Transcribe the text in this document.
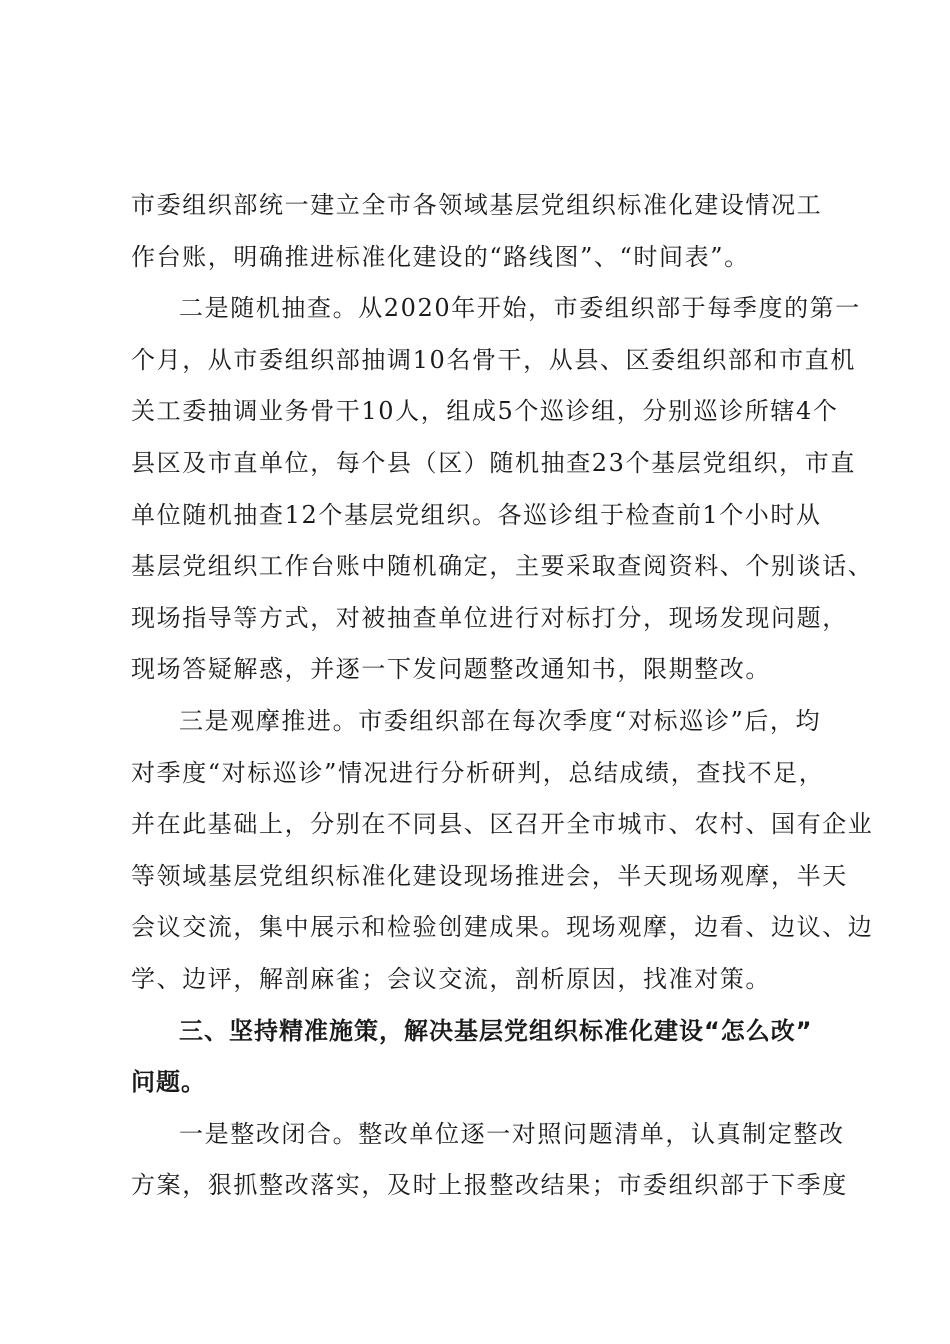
市委组织部统一建立全市各领域基层党组织标准化建设情况工
作台账，明确推进标准化建设的“路线图”、“时间表”。
二是随机抽查。从2020年开始，市委组织部于每季度的第一
个月，从市委组织部抽调10名骨干，从县、区委组织部和市直机
关工委抽调业务骨干10人，组成5个巡诊组，分别巡诊所辖4个
县区及市直单位，每个县（区）随机抽查23个基层党组织，市直
单位随机抽查12个基层党组织。各巡诊组于检查前1个小时从
基层党组织工作台账中随机确定，主要采取查阅资料、个别谈话、
现场指导等方式，对被抽查单位进行对标打分，现场发现问题，
现场答疑解惑，并逐一下发问题整改通知书，限期整改。
三是观摩推进。市委组织部在每次季度“对标巡诊”后，均
对季度“对标巡诊”情况进行分析研判，总结成绩，查找不足，
并在此基础上，分别在不同县、区召开全市城市、农村、国有企业
等领域基层党组织标准化建设现场推进会，半天现场观摩，半天
会议交流，集中展示和检验创建成果。现场观摩，边看、边议、边
学、边评，解剖麻雀；会议交流，剖析原因，找准对策。
三、坚持精准施策，解决基层党组织标准化建设“怎么改”
问题。
一是整改闭合。整改单位逐一对照问题清单，认真制定整改
方案，狠抓整改落实，及时上报整改结果；市委组织部于下季度
